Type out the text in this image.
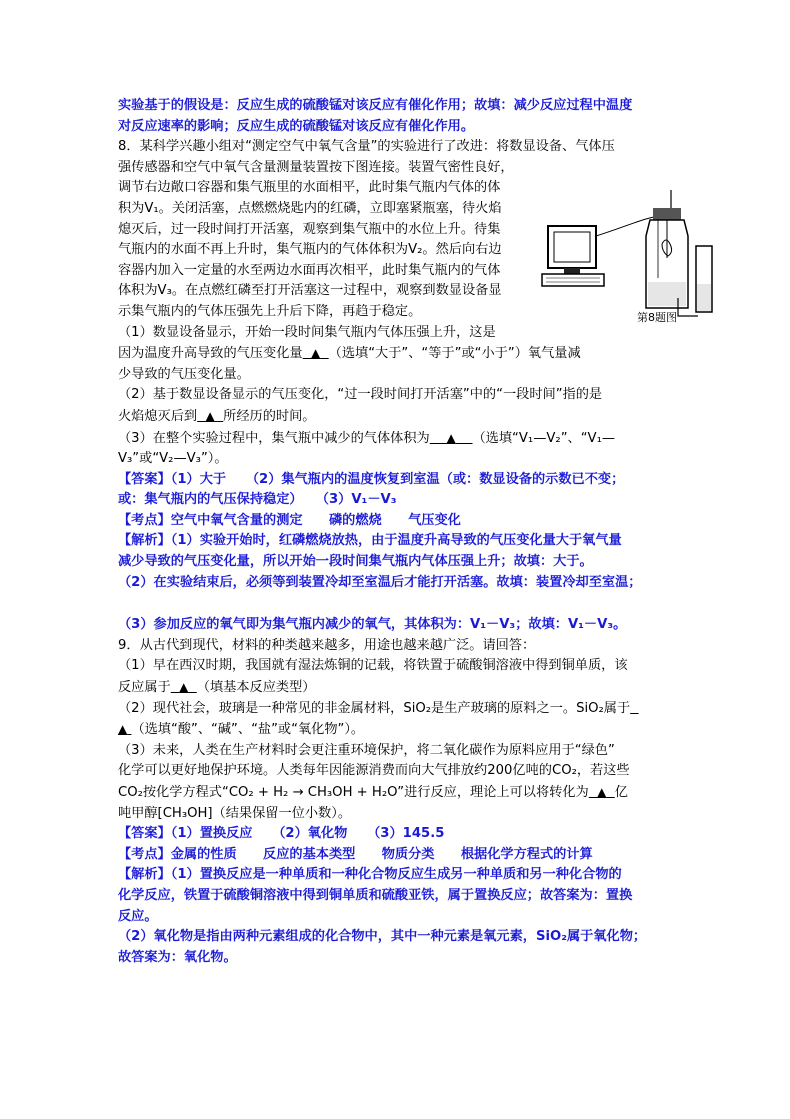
实验基于的假设是：反应生成的硫酸锰对该反应有催化作用；故填：减少反应过程中温度
对反应速率的影响；反应生成的硫酸锰对该反应有催化作用。
8．某科学兴趣小组对“测定空气中氧气含量”的实验进行了改进：将数显设备、气体压
强传感器和空气中氧气含量测量装置按下图连接。装置气密性良好，
调节右边敞口容器和集气瓶里的水面相平，此时集气瓶内气体的体
积为V₁。关闭活塞，点燃燃烧匙内的红磷，立即塞紧瓶塞，待火焰
熄灭后，过一段时间打开活塞，观察到集气瓶中的水位上升。待集
气瓶内的水面不再上升时，集气瓶内的气体体积为V₂。然后向右边
容器内加入一定量的水至两边水面再次相平，此时集气瓶内的气体
体积为V₃。在点燃红磷至打开活塞这一过程中，观察到数显设备显
示集气瓶内的气体压强先上升后下降，再趋于稳定。
（1）数显设备显示，开始一段时间集气瓶内气体压强上升，这是
因为温度升高导致的气压变化量 ▲ （选填“大于”、“等于”或“小于”）氧气量减
少导致的气压变化量。
（2）基于数显设备显示的气压变化，“过一段时间打开活塞”中的“一段时间”指的是
火焰熄灭后到 ▲ 所经历的时间。
（3）在整个实验过程中，集气瓶中减少的气体体积为 ▲ （选填“V₁—V₂”、“V₁—
V₃”或“V₂—V₃”）。
【答案】（1）大于　　（2）集气瓶内的温度恢复到室温（或：数显设备的示数已不变；
或：集气瓶内的气压保持稳定）　　（3）V₁－V₃
【考点】空气中氧气含量的测定　　磷的燃烧　　气压变化
【解析】（1）实验开始时，红磷燃烧放热，由于温度升高导致的气压变化量大于氧气量
减少导致的气压变化量，所以开始一段时间集气瓶内气体压强上升；故填：大于。
（2）在实验结束后，必须等到装置冷却至室温后才能打开活塞。故填：装置冷却至室温；
（3）参加反应的氧气即为集气瓶内减少的氧气，其体积为：V₁－V₃；故填：V₁－V₃。
9．从古代到现代，材料的种类越来越多，用途也越来越广泛。请回答：
（1）早在西汉时期，我国就有湿法炼铜的记载，将铁置于硫酸铜溶液中得到铜单质，该
反应属于 ▲ （填基本反应类型）
（2）现代社会，玻璃是一种常见的非金属材料，SiO₂是生产玻璃的原料之一。SiO₂属于
▲ （选填“酸”、“碱”、“盐”或“氧化物”）。
（3）未来，人类在生产材料时会更注重环境保护，将二氧化碳作为原料应用于“绿色”
化学可以更好地保护环境。人类每年因能源消费而向大气排放约200亿吨的CO₂，若这些
CO₂按化学方程式“CO₂ + H₂ → CH₃OH + H₂O”进行反应，理论上可以将转化为 ▲ 亿
吨甲醇[CH₃OH]（结果保留一位小数）。
【答案】（1）置换反应　　（2）氧化物　　（3）145.5
【考点】金属的性质　　反应的基本类型　　物质分类　　根据化学方程式的计算
【解析】（1）置换反应是一种单质和一种化合物反应生成另一种单质和另一种化合物的
化学反应，铁置于硫酸铜溶液中得到铜单质和硫酸亚铁，属于置换反应；故答案为：置换
反应。
（2）氧化物是指由两种元素组成的化合物中，其中一种元素是氧元素，SiO₂属于氧化物；
故答案为：氧化物。
第8题图
